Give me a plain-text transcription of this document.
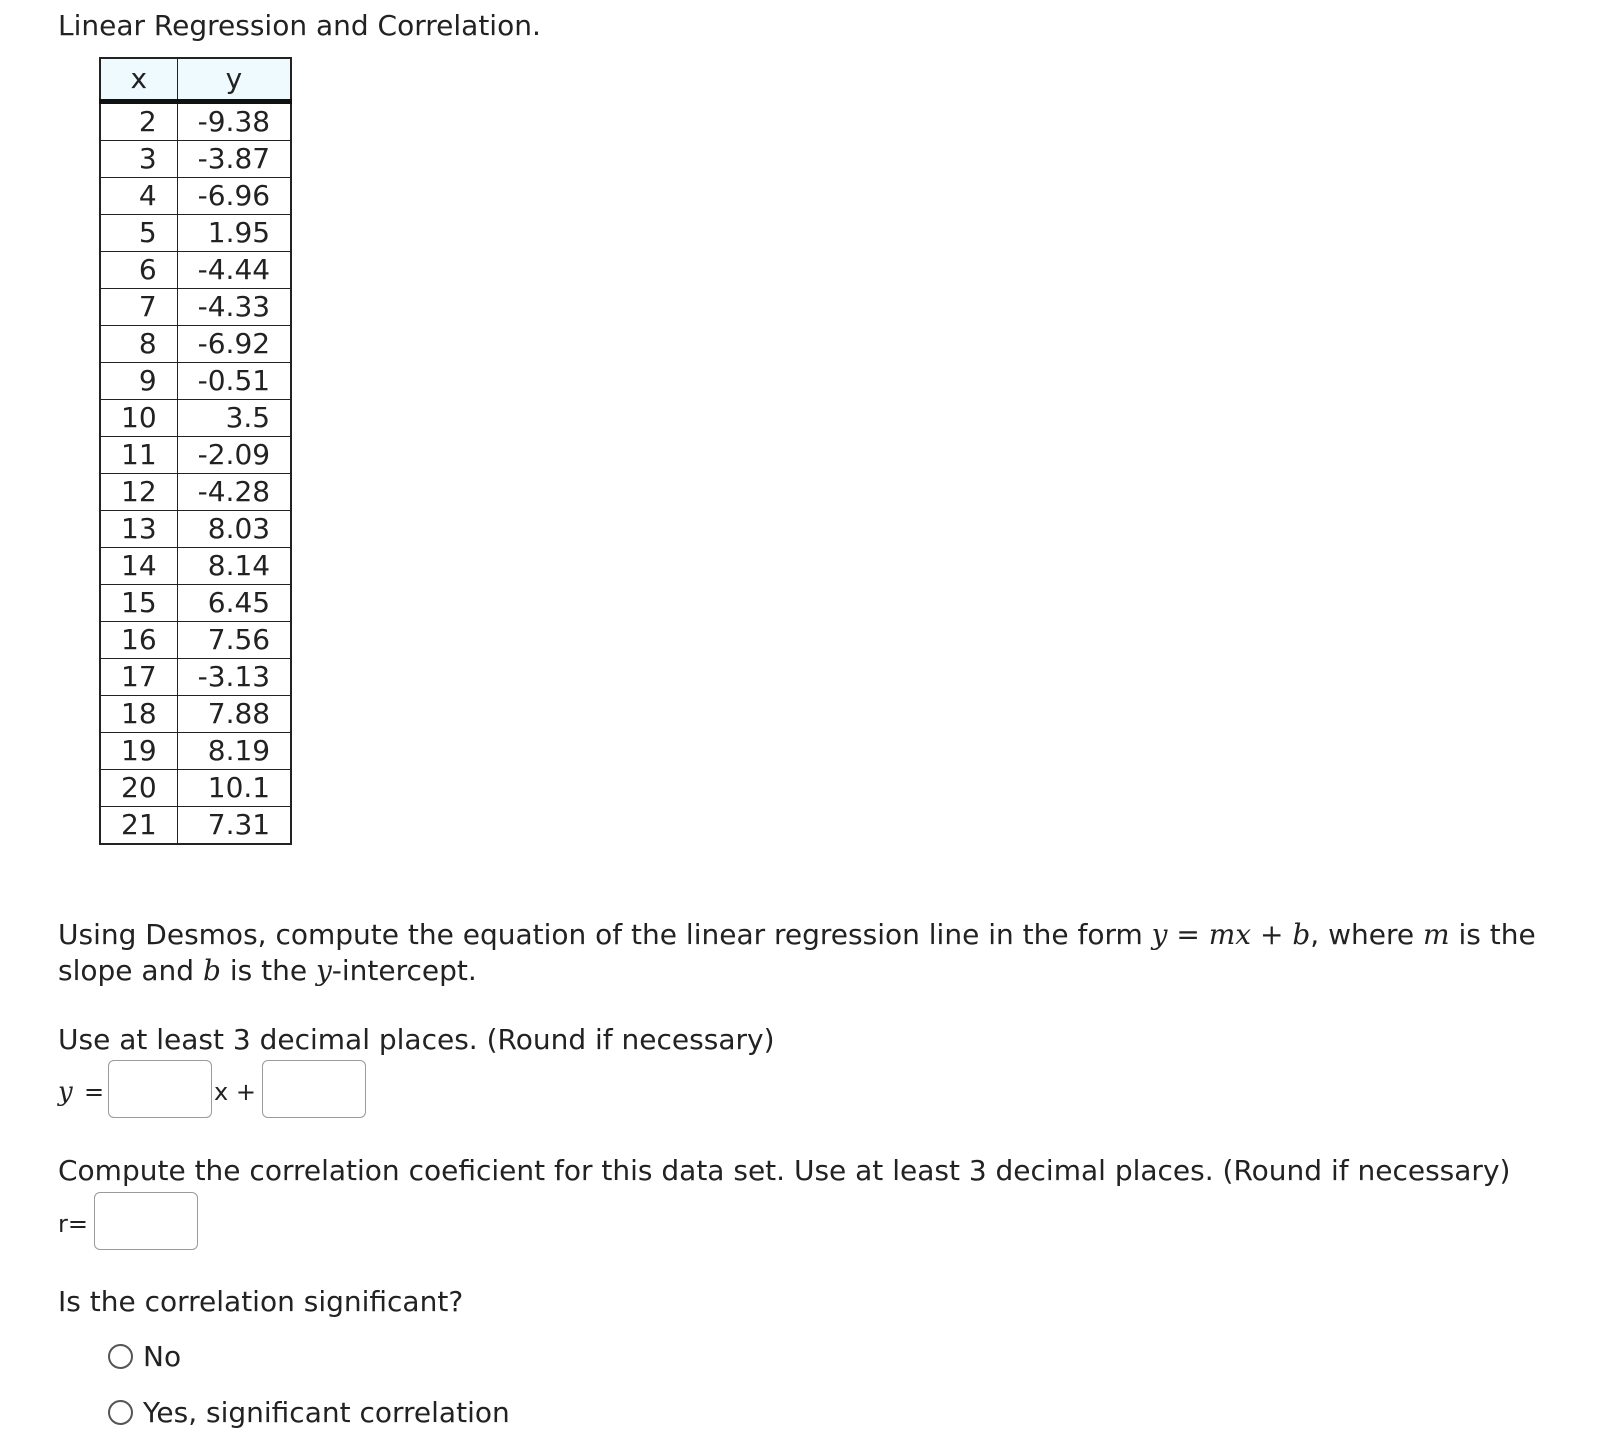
Linear Regression and Correlation.
x	y
2	-9.38
3	-3.87
4	-6.96
5	1.95
6	-4.44
7	-4.33
8	-6.92
9	-0.51
10	3.5
11	-2.09
12	-4.28
13	8.03
14	8.14
15	6.45
16	7.56
17	-3.13
18	7.88
19	8.19
20	10.1
21	7.31
Using Desmos, compute the equation of the linear regression line in the form y = mx + b, where m is the
slope and b is the y-intercept.
Use at least 3 decimal places. (Round if necessary)
y =	x +
Compute the correlation coeficient for this data set. Use at least 3 decimal places. (Round if necessary)
r=
Is the correlation significant?
No
Yes, significant correlation
